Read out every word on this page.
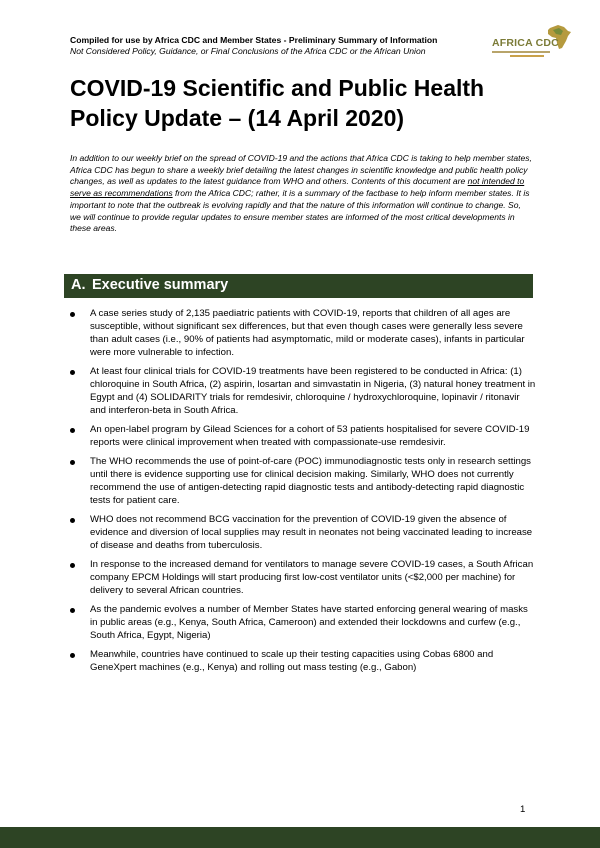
Compiled for use by Africa CDC and Member States - Preliminary Summary of Information
Not Considered Policy, Guidance, or Final Conclusions of the Africa CDC or the African Union
AFRICA CDC
COVID-19 Scientific and Public Health Policy Update – (14 April 2020)

In addition to our weekly brief on the spread of COVID-19 and the actions that Africa CDC is taking to help member states, Africa CDC has begun to share a weekly brief detailing the latest changes in scientific knowledge and public health policy changes, as well as updates to the latest guidance from WHO and others. Contents of this document are not intended to serve as recommendations from the Africa CDC; rather, it is a summary of the factbase to help inform member states. It is important to note that the outbreak is evolving rapidly and that the nature of this information will continue to change. So, we will continue to provide regular updates to ensure member states are informed of the most critical developments in these areas.

A. Executive summary
A case series study of 2,135 paediatric patients with COVID-19, reports that children of all ages are susceptible, without significant sex differences, but that even though cases were generally less severe than adult cases (i.e., 90% of patients had asymptomatic, mild or moderate cases), infants in particular were more vulnerable to infection.
At least four clinical trials for COVID-19 treatments have been registered to be conducted in Africa: (1) chloroquine in South Africa, (2) aspirin, losartan and simvastatin in Nigeria, (3) natural honey treatment in Egypt and (4) SOLIDARITY trials for remdesivir, chloroquine / hydroxychloroquine, lopinavir / ritonavir and interferon-beta in South Africa.
An open-label program by Gilead Sciences for a cohort of 53 patients hospitalised for severe COVID-19 reports were clinical improvement when treated with compassionate-use remdesivir.
The WHO recommends the use of point-of-care (POC) immunodiagnostic tests only in research settings until there is evidence supporting use for clinical decision making. Similarly, WHO does not currently recommend the use of antigen-detecting rapid diagnostic tests and antibody-detecting rapid diagnostic tests for patient care.
WHO does not recommend BCG vaccination for the prevention of COVID-19 given the absence of evidence and diversion of local supplies may result in neonates not being vaccinated leading to increase of disease and deaths from tuberculosis.
In response to the increased demand for ventilators to manage severe COVID-19 cases, a South African company EPCM Holdings will start producing first low-cost ventilator units (<$2,000 per machine) for delivery to several African countries.
As the pandemic evolves a number of Member States have started enforcing general wearing of masks in public areas (e.g., Kenya, South Africa, Cameroon) and extended their lockdowns and curfew (e.g., South Africa, Egypt, Nigeria)
Meanwhile, countries have continued to scale up their testing capacities using Cobas 6800 and GeneXpert machines (e.g., Kenya) and rolling out mass testing (e.g., Gabon)
1
